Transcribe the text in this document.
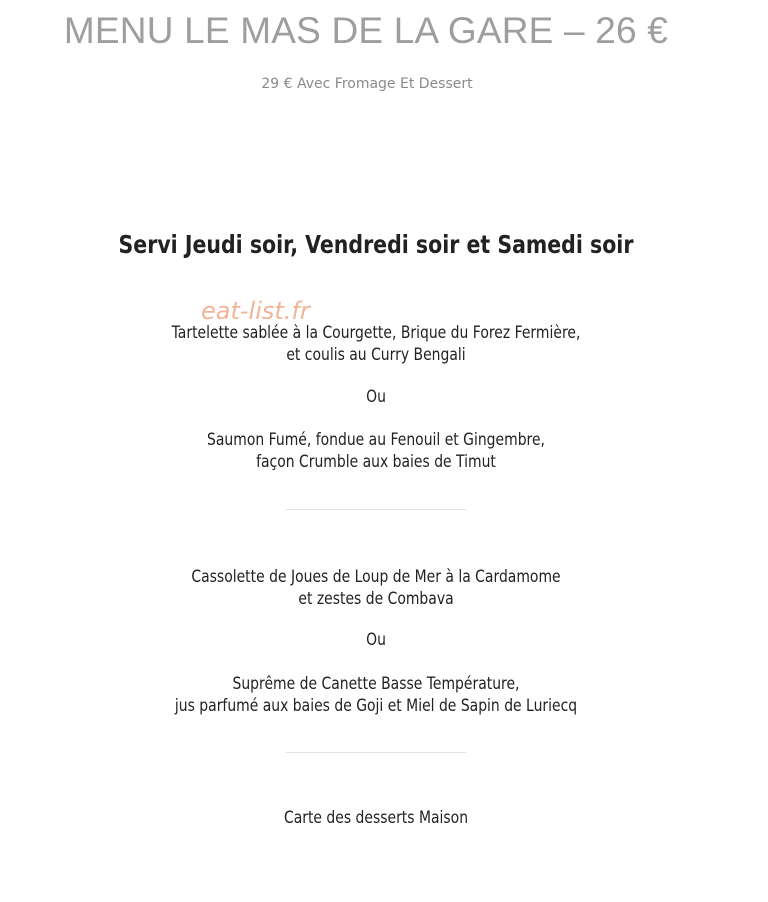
MENU LE MAS DE LA GARE – 26 €
29 € Avec Fromage Et Dessert
Servi Jeudi soir, Vendredi soir et Samedi soir
eat-list.fr
Tartelette sablée à la Courgette, Brique du Forez Fermière,
et coulis au Curry Bengali
Ou
Saumon Fumé, fondue au Fenouil et Gingembre,
façon Crumble aux baies de Timut
Cassolette de Joues de Loup de Mer à la Cardamome
et zestes de Combava
Ou
Suprême de Canette Basse Température,
jus parfumé aux baies de Goji et Miel de Sapin de Luriecq
Carte des desserts Maison
